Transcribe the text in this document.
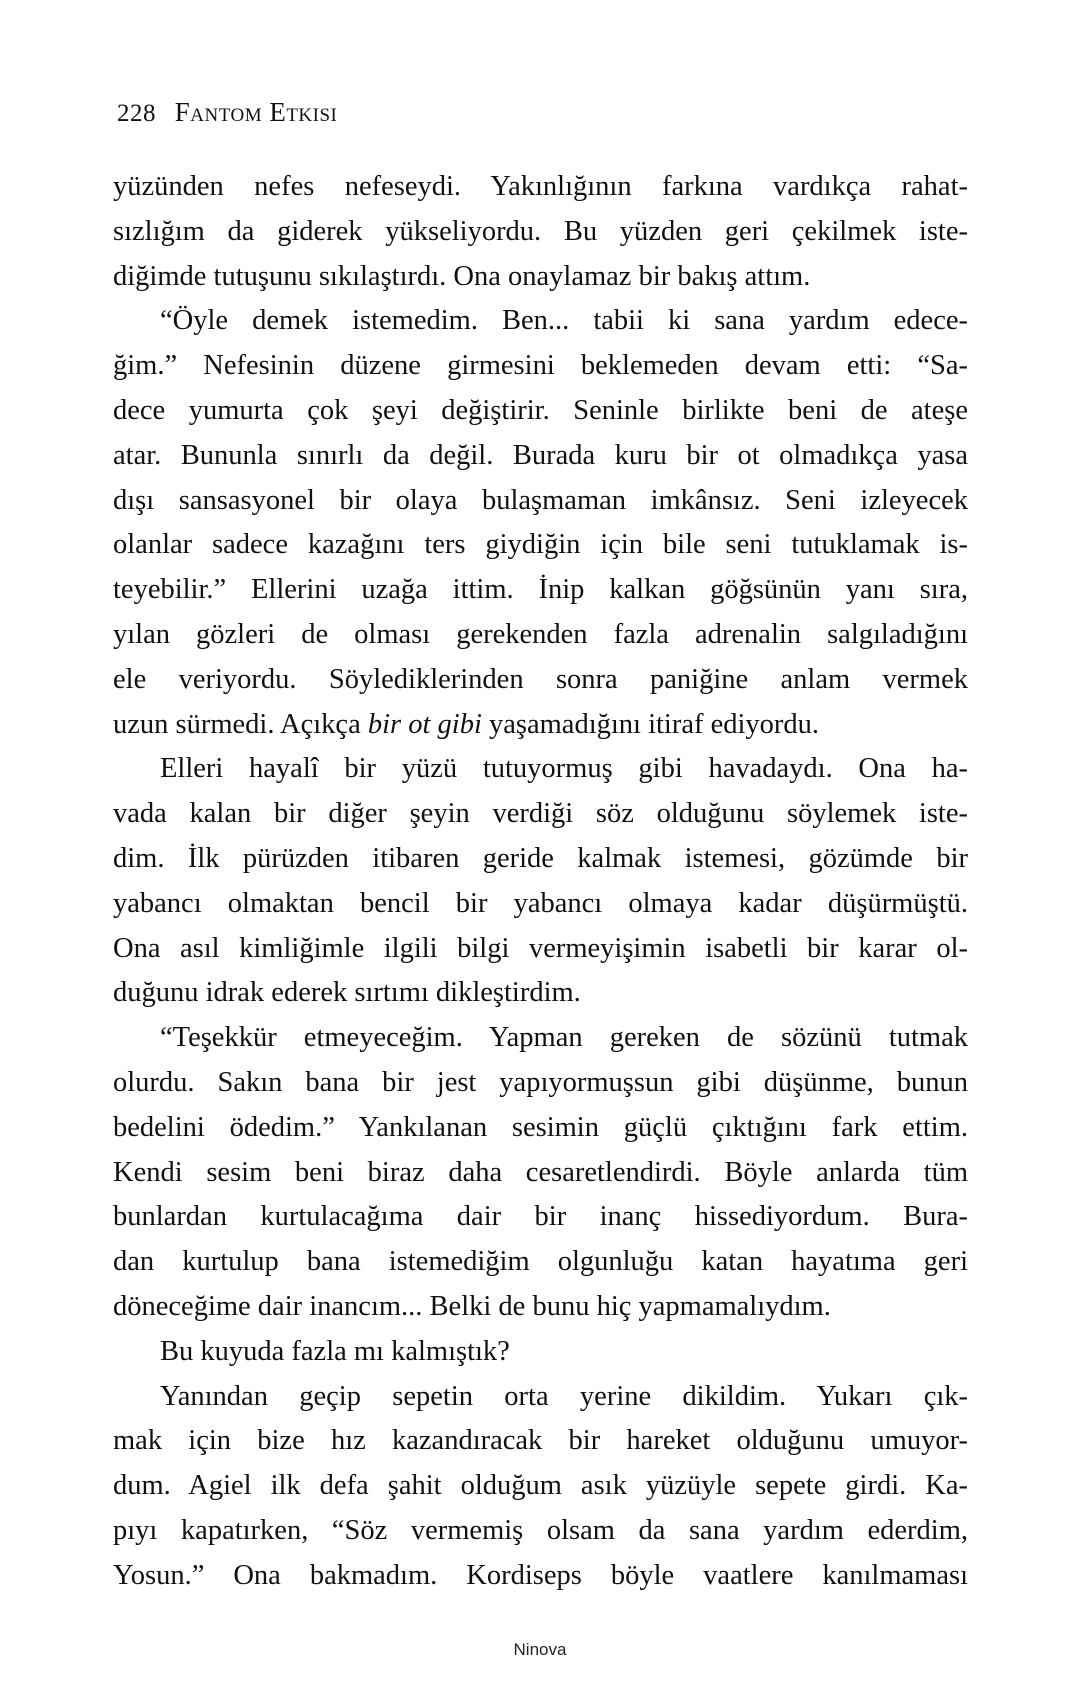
228 Fantom Etkisi
yüzünden nefes nefeseydi. Yakınlığının farkına vardıkça rahat-
sızlığım da giderek yükseliyordu. Bu yüzden geri çekilmek iste-
diğimde tutuşunu sıkılaştırdı. Ona onaylamaz bir bakış attım.
“Öyle demek istemedim. Ben... tabii ki sana yardım edece-
ğim.” Nefesinin düzene girmesini beklemeden devam etti: “Sa-
dece yumurta çok şeyi değiştirir. Seninle birlikte beni de ateşe
atar. Bununla sınırlı da değil. Burada kuru bir ot olmadıkça yasa
dışı sansasyonel bir olaya bulaşmaman imkânsız. Seni izleyecek
olanlar sadece kazağını ters giydiğin için bile seni tutuklamak is-
teyebilir.” Ellerini uzağa ittim. İnip kalkan göğsünün yanı sıra,
yılan gözleri de olması gerekenden fazla adrenalin salgıladığını
ele veriyordu. Söylediklerinden sonra paniğine anlam vermek
uzun sürmedi. Açıkça bir ot gibi yaşamadığını itiraf ediyordu.
Elleri hayalî bir yüzü tutuyormuş gibi havadaydı. Ona ha-
vada kalan bir diğer şeyin verdiği söz olduğunu söylemek iste-
dim. İlk pürüzden itibaren geride kalmak istemesi, gözümde bir
yabancı olmaktan bencil bir yabancı olmaya kadar düşürmüştü.
Ona asıl kimliğimle ilgili bilgi vermeyişimin isabetli bir karar ol-
duğunu idrak ederek sırtımı dikleştirdim.
“Teşekkür etmeyeceğim. Yapman gereken de sözünü tutmak
olurdu. Sakın bana bir jest yapıyormuşsun gibi düşünme, bunun
bedelini ödedim.” Yankılanan sesimin güçlü çıktığını fark ettim.
Kendi sesim beni biraz daha cesaretlendirdi. Böyle anlarda tüm
bunlardan kurtulacağıma dair bir inanç hissediyordum. Bura-
dan kurtulup bana istemediğim olgunluğu katan hayatıma geri
döneceğime dair inancım... Belki de bunu hiç yapmamalıydım.
Bu kuyuda fazla mı kalmıştık?
Yanından geçip sepetin orta yerine dikildim. Yukarı çık-
mak için bize hız kazandıracak bir hareket olduğunu umuyor-
dum. Agiel ilk defa şahit olduğum asık yüzüyle sepete girdi. Ka-
pıyı kapatırken, “Söz vermemiş olsam da sana yardım ederdim,
Yosun.” Ona bakmadım. Kordiseps böyle vaatlere kanılmaması
Ninova
